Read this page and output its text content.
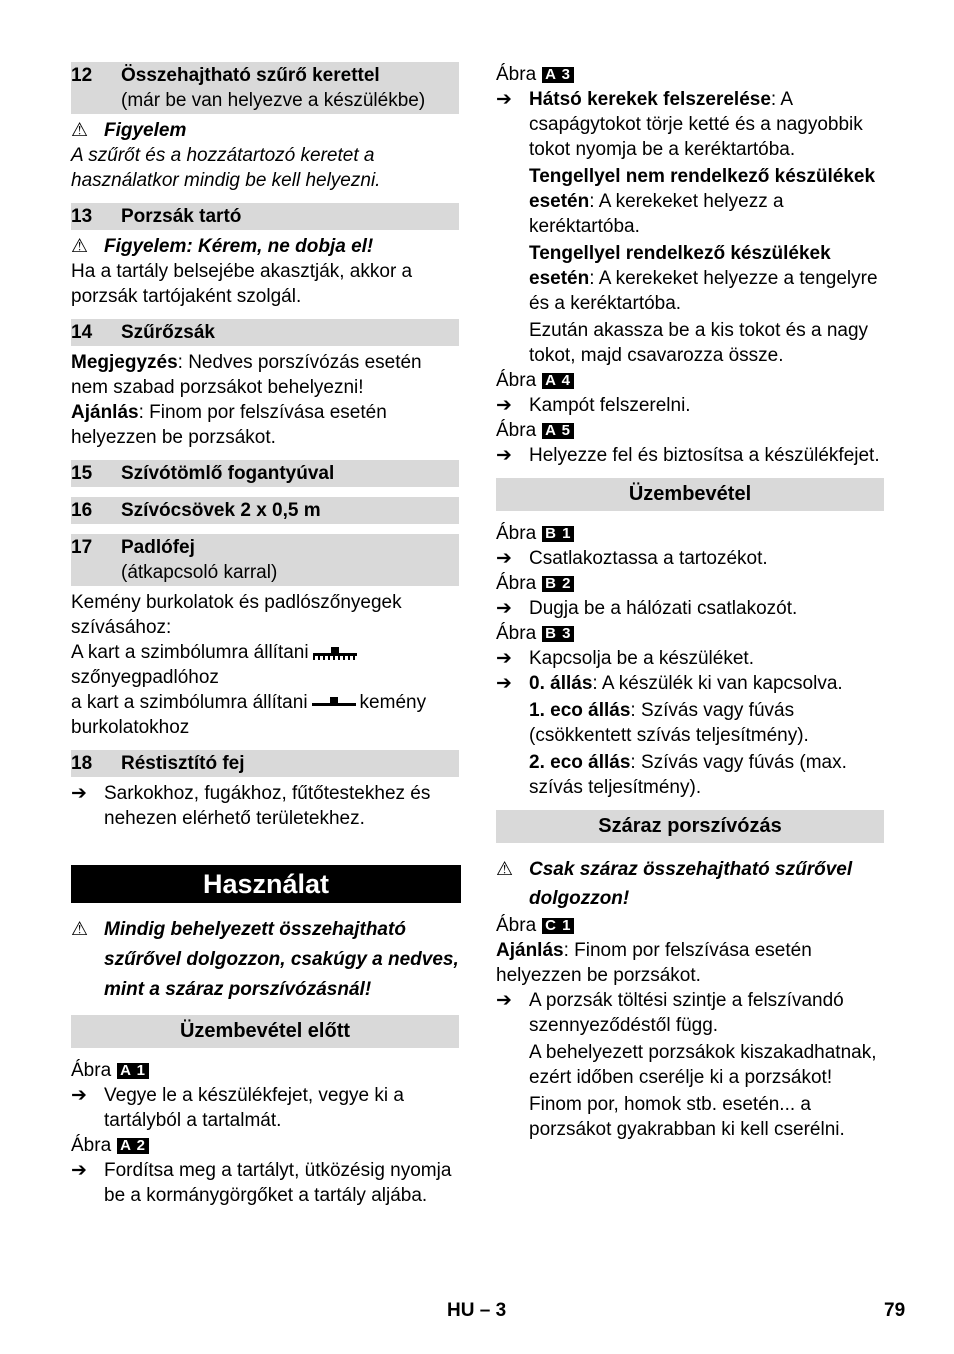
12	Összehajtható szűrő kerettel
(már be van helyezve a készülékbe)
⚠ Figyelem

A szűrőt és a hozzátartozó keretet a használatkor mindig be kell helyezni.

13	Porzsák tartó
⚠ Figyelem: Kérem, ne dobja el!

Ha a tartály belsejébe akasztják, akkor a porzsák tartójaként szolgál.

14	Szűrőzsák

Megjegyzés: Nedves porszívózás esetén nem szabad porzsákot behelyezni!

Ajánlás: Finom por felszívása esetén helyezzen be porzsákot.

15	Szívótömlő fogantyúval
16	Szívócsövek 2 x 0,5 m
17	Padlófej
(átkapcsoló karral)

Kemény burkolatok és padlószőnyegek szívásához:

A kart a szimbólumra állítani
szőnyegpadlóhoz

a kart a szimbólumra állítani	kemény burkolatokhoz

18	Réstisztító fej
➔ Sarkokhoz, fugákhoz, fűtőtestekhez és nehezen elérhető területekhez.
Használat
⚠ Mindig behelyezett összehajtható szűrővel dolgozzon, csakúgy a nedves, mint a száraz porszívózásnál!
Üzembevétel előtt
Ábra A 1
➔ Vegye le a készülékfejet, vegye ki a tartályból a tartalmát.
Ábra A 2
➔ Fordítsa meg a tartályt, ütközésig nyomja be a kormánygörgőket a tartály aljába.
Ábra A 3
➔ Hátsó kerekek felszerelése: A csapágytokot törje ketté és a nagyobbik tokot nyomja be a keréktartóba.

Tengellyel nem rendelkező készülékek esetén: A kerekeket helyezz a keréktartóba.

Tengellyel rendelkező készülékek esetén: A kerekeket helyezze a tengelyre és a keréktartóba.

Ezután akassza be a kis tokot és a nagy tokot, majd csavarozza össze.

Ábra A 4
➔ Kampót felszerelni.
Ábra A 5
➔ Helyezze fel és biztosítsa a készülékfejet.
Üzembevétel
Ábra B 1
➔ Csatlakoztassa a tartozékot.
Ábra B 2
➔ Dugja be a hálózati csatlakozót.
Ábra B 3
➔ Kapcsolja be a készüléket.
➔ 0. állás: A készülék ki van kapcsolva.

1. eco állás: Szívás vagy fúvás (csökkentett szívás teljesítmény).

2. eco állás: Szívás vagy fúvás (max. szívás teljesítmény).

Száraz porszívózás
⚠ Csak száraz összehajtható szűrővel dolgozzon!
Ábra C 1

Ajánlás: Finom por felszívása esetén helyezzen be porzsákot.

➔ A porzsák töltési szintje a felszívandó szennyeződéstől függ.

A behelyezett porzsákok kiszakadhatnak, ezért időben cserélje ki a porzsákot!

Finom por, homok stb. esetén... a porzsákot gyakrabban ki kell cserélni.

HU – 3	79
